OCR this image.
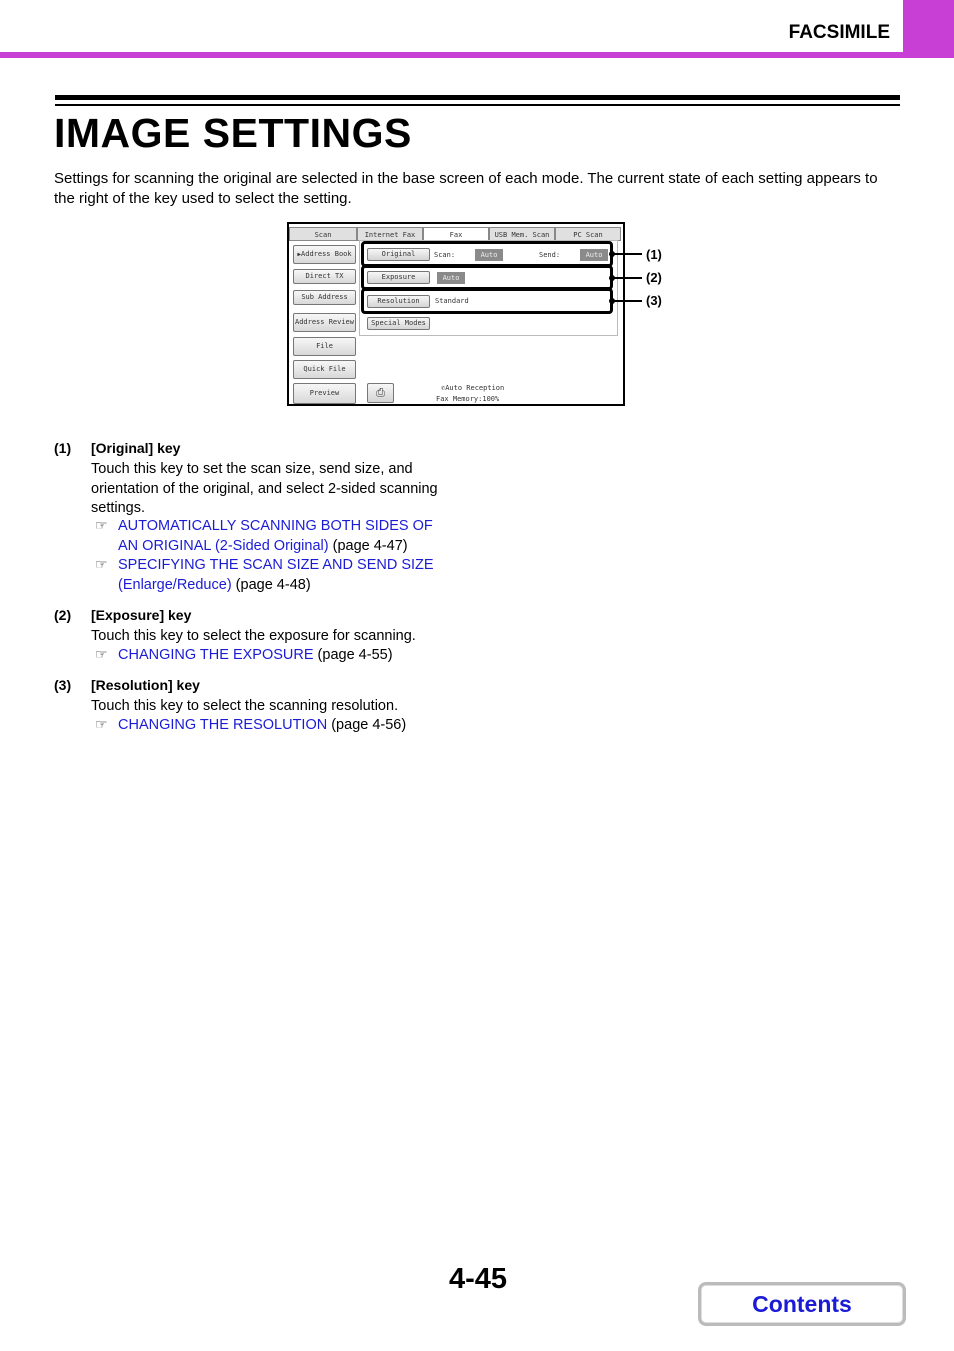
FACSIMILE
IMAGE SETTINGS
Settings for scanning the original are selected in the base screen of each mode. The current state of each setting appears to the right of the key used to select the setting.
Scan	Internet Fax	Fax	USB Mem. Scan	PC Scan
▶Address Book
Direct TX
Sub Address
Address Review
File
Quick File
Preview
Original	Scan:	Auto	Send:	Auto
Exposure	Auto
Resolution	Standard
Special Modes
⎙	✆Auto Reception
Fax Memory:100%
(1)
(2)
(3)
(1) [Original] key
Touch this key to set the scan size, send size, and orientation of the original, and select 2-sided scanning settings.
☞ AUTOMATICALLY SCANNING BOTH SIDES OF
AN ORIGINAL (2-Sided Original) (page 4-47)
☞ SPECIFYING THE SCAN SIZE AND SEND SIZE
(Enlarge/Reduce) (page 4-48)
(2) [Exposure] key
Touch this key to select the exposure for scanning.
☞ CHANGING THE EXPOSURE (page 4-55)
(3) [Resolution] key
Touch this key to select the scanning resolution.
☞ CHANGING THE RESOLUTION (page 4-56)
4-45
Contents
